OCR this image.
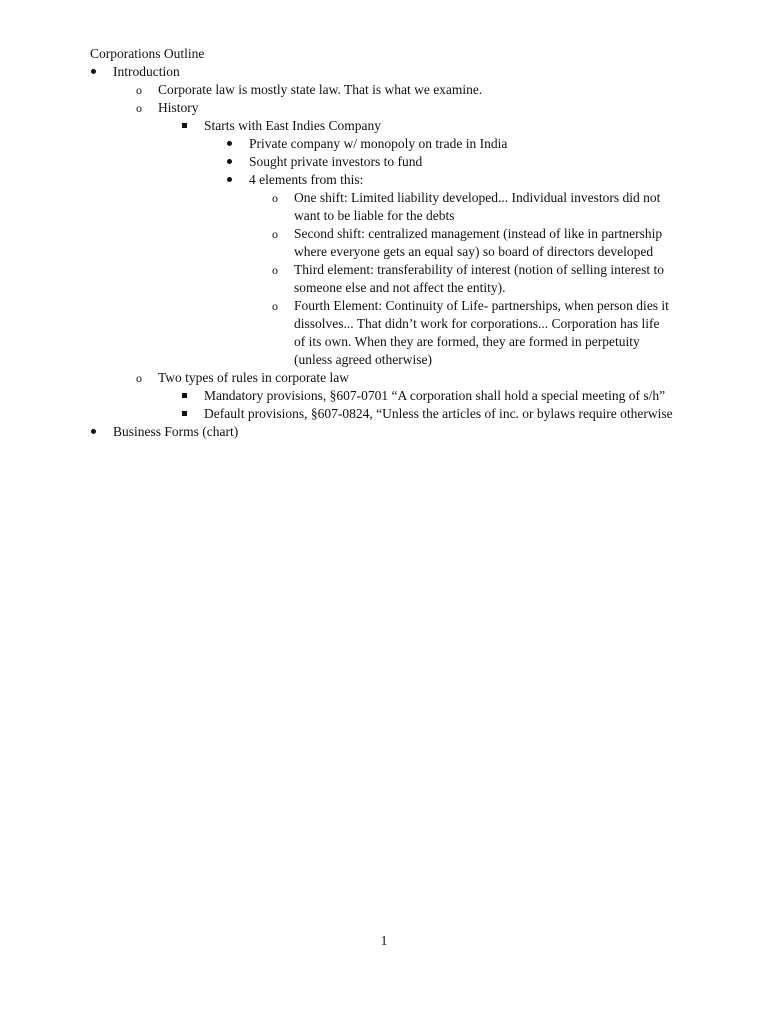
Corporations Outline
Introduction
o	Corporate law is mostly state law. That is what we examine.
o	History
Starts with East Indies Company
Private company w/ monopoly on trade in India
Sought private investors to fund
4 elements from this:
o	One shift: Limited liability developed... Individual investors did not want to be liable for the debts
o	Second shift: centralized management (instead of like in partnership where everyone gets an equal say) so board of directors developed
o	Third element: transferability of interest (notion of selling interest to someone else and not affect the entity).
o	Fourth Element: Continuity of Life- partnerships, when person dies it dissolves... That didn’t work for corporations... Corporation has life of its own. When they are formed, they are formed in perpetuity (unless agreed otherwise)
o	Two types of rules in corporate law
Mandatory provisions, §607-0701 “A corporation shall hold a special meeting of s/h”
Default provisions, §607-0824, “Unless the articles of inc. or bylaws require otherwise
Business Forms (chart)
1
